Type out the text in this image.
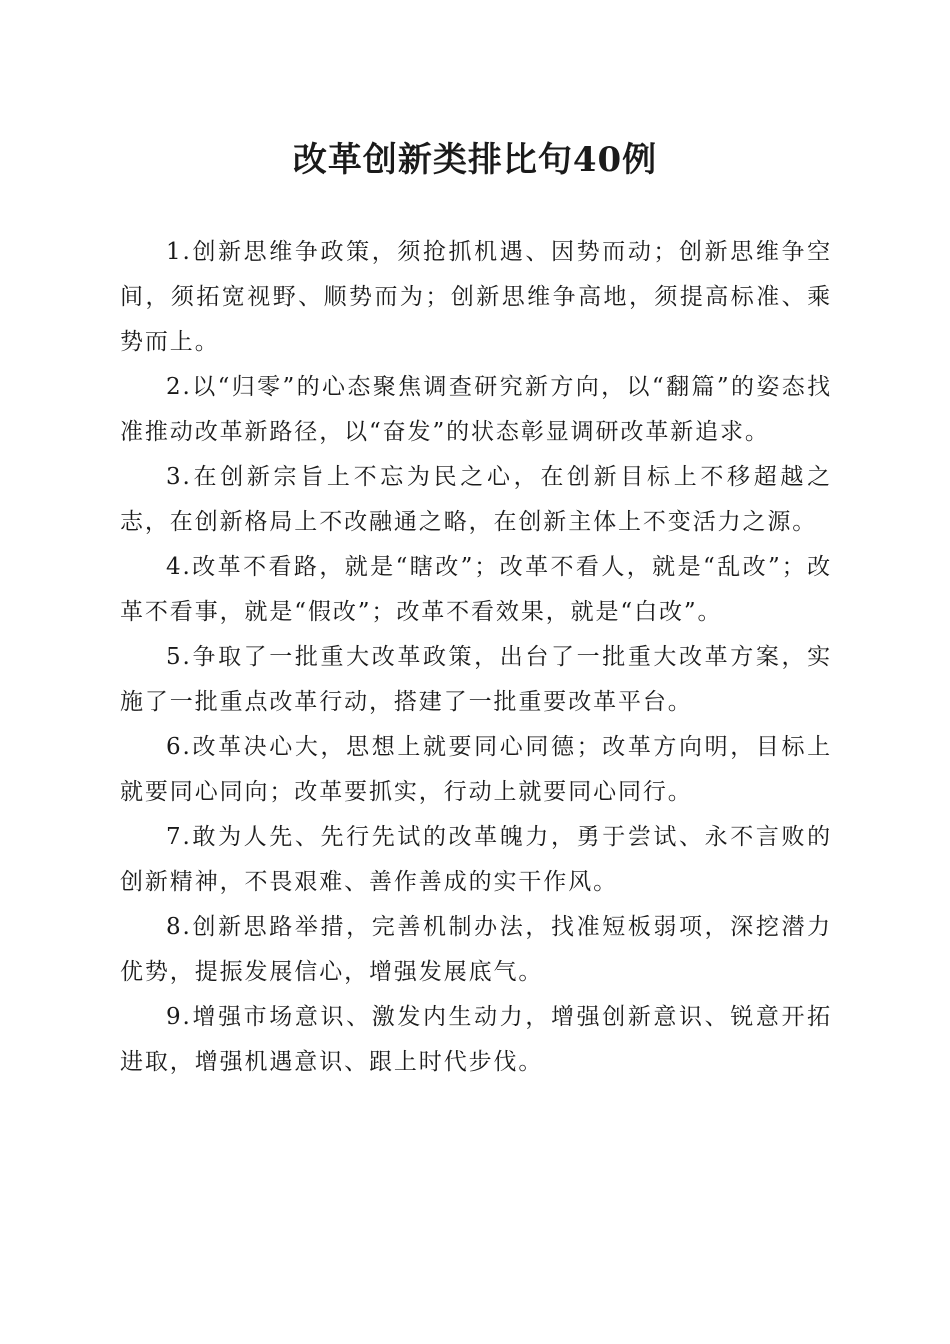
改革创新类排比句40例

1.创新思维争政策，须抢抓机遇、因势而动；创新思维争空间，须拓宽视野、顺势而为；创新思维争高地，须提高标准、乘势而上。

2.以“归零”的心态聚焦调查研究新方向，以“翻篇”的姿态找准推动改革新路径，以“奋发”的状态彰显调研改革新追求。

3.在创新宗旨上不忘为民之心，在创新目标上不移超越之志，在创新格局上不改融通之略，在创新主体上不变活力之源。

4.改革不看路，就是“瞎改”；改革不看人，就是“乱改”；改革不看事，就是“假改”；改革不看效果，就是“白改”。

5.争取了一批重大改革政策，出台了一批重大改革方案，实施了一批重点改革行动，搭建了一批重要改革平台。

6.改革决心大，思想上就要同心同德；改革方向明，目标上就要同心同向；改革要抓实，行动上就要同心同行。

7.敢为人先、先行先试的改革魄力，勇于尝试、永不言败的创新精神，不畏艰难、善作善成的实干作风。

8.创新思路举措，完善机制办法，找准短板弱项，深挖潜力优势，提振发展信心，增强发展底气。

9.增强市场意识、激发内生动力，增强创新意识、锐意开拓进取，增强机遇意识、跟上时代步伐。
